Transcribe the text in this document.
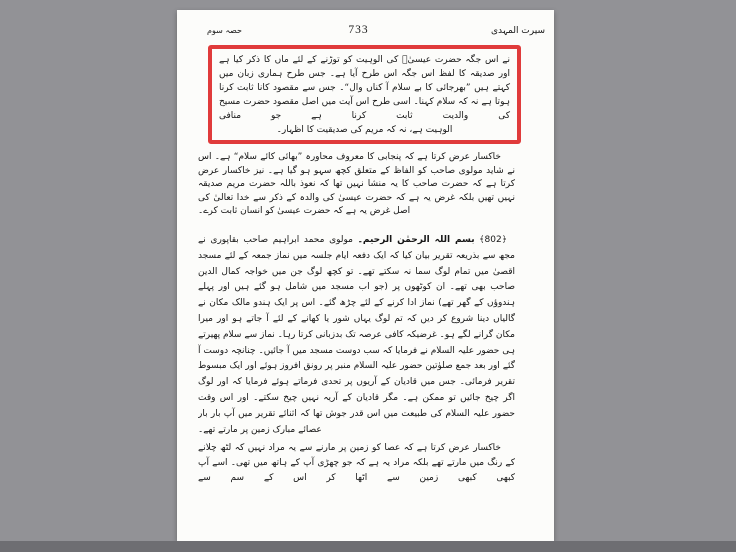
سیرت المہدی
733
حصہ سوم
نے اس جگہ حضرت عیسیٰؑ کی الوہیت کو توڑنے کے لئے ماں کا ذکر کیا ہے اور صدیقہ کا لفظ اس جگہ اس طرح آیا ہے۔ جس طرح ہماری زبان میں کہتے ہیں ”بھرجائی کا بے سلام آ کناں وال“۔ جس سے مقصود کانا ثابت کرنا ہوتا ہے نہ کہ سلام کہنا۔ اسی طرح اس آیت میں اصل مقصود حضرت مسیح کی والدیت ثابت کرنا ہے جو منافی
الوہیت ہے، نہ کہ مریم کی صدیقیت کا اظہار۔
خاکسار عرض کرتا ہے کہ پنجابی کا معروف محاورہ ”بھائی کائے سلام“ ہے۔ اس نے شاید مولوی صاحب کو الفاظ کے متعلق کچھ سہو ہو گیا ہے۔ نیز خاکسار عرض کرتا ہے کہ حضرت صاحب کا یہ منشا نہیں تھا کہ نعوذ باللہ حضرت مریم صدیقہ نہیں تھیں بلکہ غرض یہ ہے کہ حضرت عیسیٰ کی والدہ کے ذکر سے خدا تعالیٰ کی
اصل غرض یہ ہے کہ حضرت عیسیٰ کو انسان ثابت کرے۔

﴿802﴾ بسم اللہ الرحمٰن الرحیم۔ مولوی محمد ابراہیم صاحب بقاپوری نے مجھ سے بذریعہ تقریر بیان کیا کہ ایک دفعہ ایام جلسہ میں نماز جمعہ کے لئے مسجد اقصیٰ میں تمام لوگ سما نہ سکتے تھے۔ تو کچھ لوگ جن میں خواجہ کمال الدین صاحب بھی تھے۔ ان کوٹھوں پر (جو اب مسجد میں شامل ہو گئے ہیں اور پہلے ہندوؤں کے گھر تھے) نماز ادا کرنے کے لئے چڑھ گئے۔ اس پر ایک ہندو مالک مکان نے گالیاں دینا شروع کر دیں کہ تم لوگ یہاں شور یا کھانے کے لئے آ جاتے ہو اور میرا مکان گرانے لگے ہو۔ غرضیکہ کافی عرصہ تک بدزبانی کرتا رہا۔ نماز سے سلام پھیرتے ہی حضور علیہ السلام نے فرمایا کہ سب دوست مسجد میں آ جائیں۔ چنانچہ دوست آ گئے اور بعد جمع صلوٰتین حضور علیہ السلام منبر پر رونق افروز ہوئے اور ایک مبسوط تقریر فرمائی۔ جس میں قادیان کے آریوں پر تحدی فرماتے ہوئے فرمایا کہ اور لوگ اگر چیخ جائیں تو ممکن ہے۔ مگر قادیان کے آریہ نہیں چیخ سکتے۔ اور اس وقت حضور علیہ السلام کی طبیعت میں اس قدر جوش تھا کہ اثنائے تقریر میں آپ بار بار عصائے مبارک زمین پر مارتے تھے۔

خاکسار عرض کرتا ہے کہ عصا کو زمین پر مارنے سے یہ مراد نہیں کہ لٹھ چلانے کے رنگ میں مارتے تھے بلکہ مراد یہ ہے کہ جو چھڑی آپ کے ہاتھ میں تھی۔ اسے آپ کبھی کبھی زمین سے اٹھا کر اس کے سم سے
